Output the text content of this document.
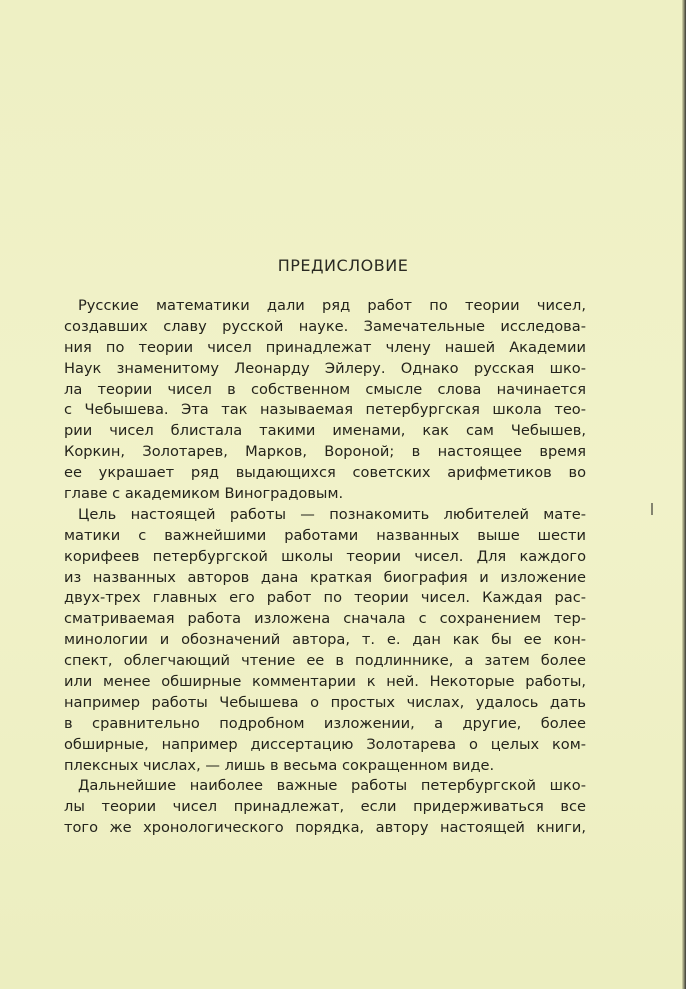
ПРЕДИСЛОВИЕ
Русские математики дали ряд работ по теории чисел,
создавших славу русской науке. Замечательные исследова-
ния по теории чисел принадлежат члену нашей Академии
Наук знаменитому Леонарду Эйлеру. Однако русская шко-
ла теории чисел в собственном смысле слова начинается
с Чебышева. Эта так называемая петербургская школа тео-
рии чисел блистала такими именами, как сам Чебышев,
Коркин, Золотарев, Марков, Вороной; в настоящее время
ее украшает ряд выдающихся советских арифметиков во
главе с академиком Виноградовым.
Цель настоящей работы — познакомить любителей мате-
матики с важнейшими работами названных выше шести
корифеев петербургской школы теории чисел. Для каждого
из названных авторов дана краткая биография и изложение
двух-трех главных его работ по теории чисел. Каждая рас-
сматриваемая работа изложена сначала с сохранением тер-
минологии и обозначений автора, т. е. дан как бы ее кон-
спект, облегчающий чтение ее в подлиннике, а затем более
или менее обширные комментарии к ней. Некоторые работы,
например работы Чебышева о простых числах, удалось дать
в сравнительно подробном изложении, а другие, более
обширные, например диссертацию Золотарева о целых ком-
плексных числах, — лишь в весьма сокращенном виде.
Дальнейшие наиболее важные работы петербургской шко-
лы теории чисел принадлежат, если придерживаться все
того же хронологического порядка, автору настоящей книги,
